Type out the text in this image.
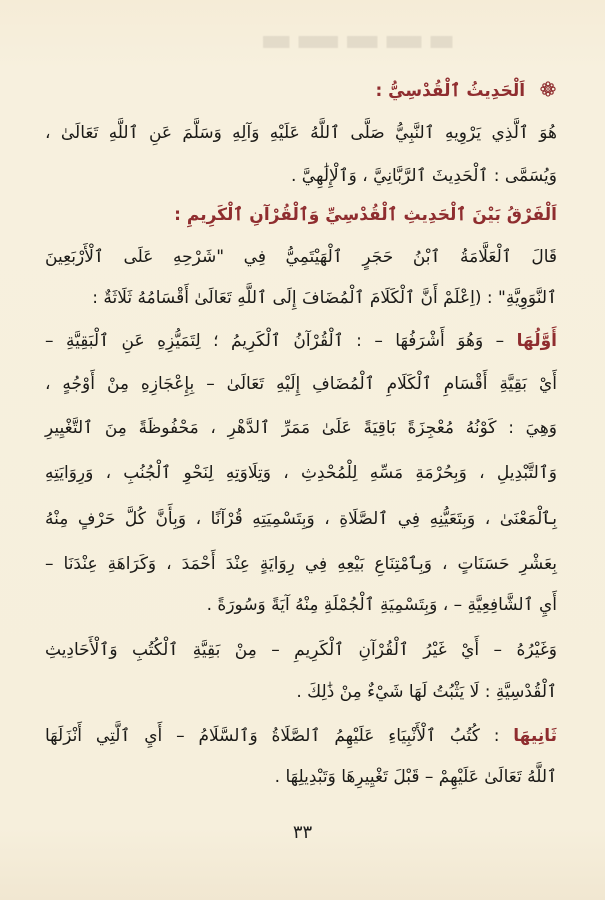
اَلْحَدِيثُ ٱلْقُدْسِيُّ :
هُوَ ٱلَّذِي يَرْوِيهِ ٱلنَّبِيُّ صَلَّى ٱللَّهُ عَلَيْهِ وَآلِهِ وَسَلَّمَ عَنِ ٱللَّهِ تَعَالَىٰ ،
وَيُسَمَّى : ٱلْحَدِيثَ ٱلرَّبَّانِيَّ ، وَٱلْإِلَٰهِيَّ .
اَلْفَرْقُ بَيْنَ ٱلْحَدِيثِ ٱلْقُدْسِيِّ وَٱلْقُرْآنِ ٱلْكَرِيمِ :
قَالَ ٱلْعَلَّامَةُ ٱبْنُ حَجَرٍ ٱلْهَيْتَمِيُّ فِي "شَرْحِهِ عَلَى ٱلْأَرْبَعِينَ
ٱلنَّوَوِيَّةِ" : (اِعْلَمْ أَنَّ ٱلْكَلَامَ ٱلْمُضَافَ إِلَى ٱللَّهِ تَعَالَىٰ أَقْسَامُهُ ثَلَاثَةٌ :
أَوَّلُهَا – وَهُوَ أَشْرَفُهَا – : ٱلْقُرْآنُ ٱلْكَرِيمُ ؛ لِتَمَيُّزِهِ عَنِ ٱلْبَقِيَّةِ –
أَيْ بَقِيَّةِ أَقْسَامِ ٱلْكَلَامِ ٱلْمُضَافِ إِلَيْهِ تَعَالَىٰ – بِإِعْجَازِهِ مِنْ أَوْجُهٍ ،
وَهِيَ : كَوْنُهُ مُعْجِزَةً بَاقِيَةً عَلَىٰ مَمَرِّ ٱلدَّهْرِ ، مَحْفُوظَةً مِنَ ٱلتَّغْيِيرِ
وَٱلتَّبْدِيلِ ، وَبِحُرْمَةِ مَسِّهِ لِلْمُحْدِثِ ، وَتِلَاوَتِهِ لِنَحْوِ ٱلْجُنُبِ ، وَرِوَايَتِهِ
بِٱلْمَعْنَىٰ ، وَبِتَعَيُّنِهِ فِي ٱلصَّلَاةِ ، وَبِتَسْمِيَتِهِ قُرْآنًا ، وَبِأَنَّ كُلَّ حَرْفٍ مِنْهُ
بِعَشْرِ حَسَنَاتٍ ، وَبِٱمْتِنَاعِ بَيْعِهِ فِي رِوَايَةٍ عِنْدَ أَحْمَدَ ، وَكَرَاهَةِ عِنْدَنَا –
أَيِ ٱلشَّافِعِيَّةِ – ، وَبِتَسْمِيَةِ ٱلْجُمْلَةِ مِنْهُ آيَةً وَسُورَةً .
وَغَيْرُهُ – أَيْ غَيْرُ ٱلْقُرْآنِ ٱلْكَرِيمِ – مِنْ بَقِيَّةِ ٱلْكُتُبِ وَٱلْأَحَادِيثِ
ٱلْقُدْسِيَّةِ : لَا يَثْبُتُ لَهَا شَيْءٌ مِنْ ذَٰلِكَ .
ثَانِيهَا : كُتُبُ ٱلْأَنْبِيَاءِ عَلَيْهِمُ ٱلصَّلَاةُ وَٱلسَّلَامُ – أَيِ ٱلَّتِي أَنْزَلَهَا
ٱللَّهُ تَعَالَىٰ عَلَيْهِمْ – قَبْلَ تَغْيِيرِهَا وَتَبْدِيلِهَا .
٣٣
